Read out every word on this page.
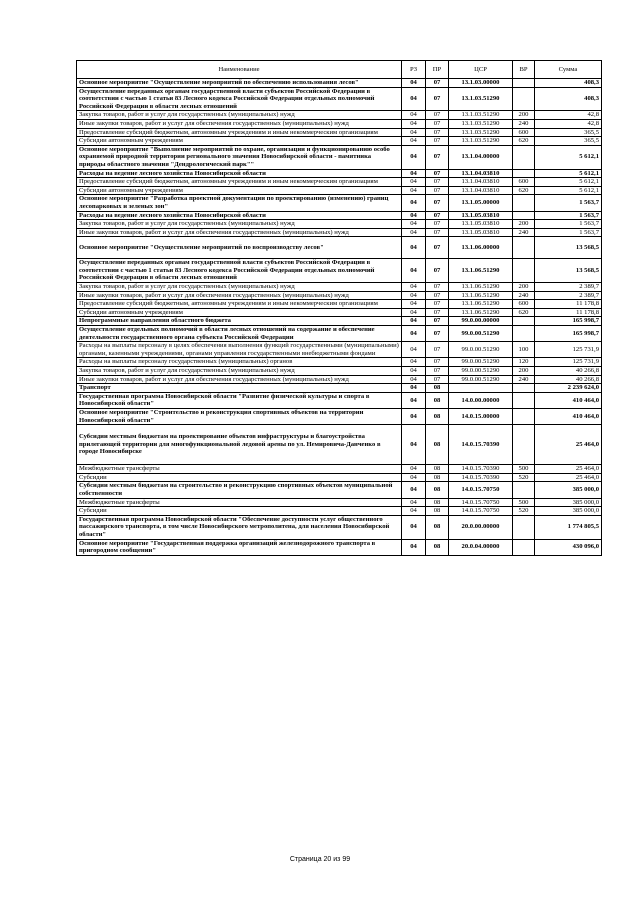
Наименование	РЗ	ПР	ЦСР	ВР	Сумма
Основное мероприятие "Осуществление мероприятий по обеспечению использования лесов"	04	07	13.1.03.00000		408,3
Осуществление переданных органам государственной власти субъектов Российской Федерации в соответствии с частью 1 статьи 83 Лесного кодекса Российской Федерации отдельных полномочий Российской Федерации в области лесных отношений	04	07	13.1.03.51290		408,3
Закупка товаров, работ и услуг для государственных (муниципальных) нужд	04	07	13.1.03.51290	200	42,8
Иные закупки товаров, работ и услуг для обеспечения государственных (муниципальных) нужд	04	07	13.1.03.51290	240	42,8
Предоставление субсидий бюджетным, автономным учреждениям и иным некоммерческим организациям	04	07	13.1.03.51290	600	365,5
Субсидии автономным учреждениям	04	07	13.1.03.51290	620	365,5
Основное мероприятие "Выполнение мероприятий по охране, организации и функционированию особо охраняемой природной территории регионального значения Новосибирской области - памятника природы областного значения "Дендрологический парк""	04	07	13.1.04.00000		5 612,1
Расходы на ведение лесного хозяйства Новосибирской области	04	07	13.1.04.03810		5 612,1
Предоставление субсидий бюджетным, автономным учреждениям и иным некоммерческим организациям	04	07	13.1.04.03810	600	5 612,1
Субсидии автономным учреждениям	04	07	13.1.04.03810	620	5 612,1
Основное мероприятие "Разработка проектной документации по проектированию (изменению) границ лесопарковых и зеленых зон"	04	07	13.1.05.00000		1 563,7
Расходы на ведение лесного хозяйства Новосибирской области	04	07	13.1.05.03810		1 563,7
Закупка товаров, работ и услуг для государственных (муниципальных) нужд	04	07	13.1.05.03810	200	1 563,7
Иные закупки товаров, работ и услуг для обеспечения государственных (муниципальных) нужд	04	07	13.1.05.03810	240	1 563,7
Основное мероприятие "Осуществление мероприятий по воспроизводству лесов"	04	07	13.1.06.00000		13 568,5
Осуществление переданных органам государственной власти субъектов Российской Федерации в соответствии с частью 1 статьи 83 Лесного кодекса Российской Федерации отдельных полномочий Российской Федерации в области лесных отношений	04	07	13.1.06.51290		13 568,5
Закупка товаров, работ и услуг для государственных (муниципальных) нужд	04	07	13.1.06.51290	200	2 389,7
Иные закупки товаров, работ и услуг для обеспечения государственных (муниципальных) нужд	04	07	13.1.06.51290	240	2 389,7
Предоставление субсидий бюджетным, автономным учреждениям и иным некоммерческим организациям	04	07	13.1.06.51290	600	11 178,8
Субсидии автономным учреждениям	04	07	13.1.06.51290	620	11 178,8
Непрограммные направления областного бюджета	04	07	99.0.00.00000		165 998,7
Осуществление отдельных полномочий в области лесных отношений на содержание и обеспечение деятельности государственного органа субъекта Российской Федерации	04	07	99.0.00.51290		165 998,7
Расходы на выплаты персоналу в целях обеспечения выполнения функций государственными (муниципальными) органами, казенными учреждениями, органами управления государственными внебюджетными фондами	04	07	99.0.00.51290	100	125 731,9
Расходы на выплаты персоналу государственных (муниципальных) органов	04	07	99.0.00.51290	120	125 731,9
Закупка товаров, работ и услуг для государственных (муниципальных) нужд	04	07	99.0.00.51290	200	40 266,8
Иные закупки товаров, работ и услуг для обеспечения государственных (муниципальных) нужд	04	07	99.0.00.51290	240	40 266,8
Транспорт	04	08			2 239 624,0
Государственная программа Новосибирской области "Развитие физической культуры и спорта в Новосибирской области"	04	08	14.0.00.00000		410 464,0
Основное мероприятие "Строительство и реконструкция спортивных объектов на территории Новосибирской области"	04	08	14.0.15.00000		410 464,0
Субсидии местным бюджетам на проектирование объектов инфраструктуры и благоустройства прилегающей территории для многофункциональной ледовой арены по ул. Немировича-Данченко в городе Новосибирске	04	08	14.0.15.70390		25 464,0
Межбюджетные трансферты	04	08	14.0.15.70390	500	25 464,0
Субсидии	04	08	14.0.15.70390	520	25 464,0
Субсидии местным бюджетам на строительство и реконструкцию спортивных объектов муниципальной собственности	04	08	14.0.15.70750		385 000,0
Межбюджетные трансферты	04	08	14.0.15.70750	500	385 000,0
Субсидии	04	08	14.0.15.70750	520	385 000,0
Государственная программа Новосибирской области "Обеспечение доступности услуг общественного пассажирского транспорта, в том числе Новосибирского метрополитена, для населения Новосибирской области"	04	08	20.0.00.00000		1 774 805,5
Основное мероприятие "Государственная поддержка организаций железнодорожного транспорта в пригородном сообщении"	04	08	20.0.04.00000		430 096,0
Страница 20 из 99
